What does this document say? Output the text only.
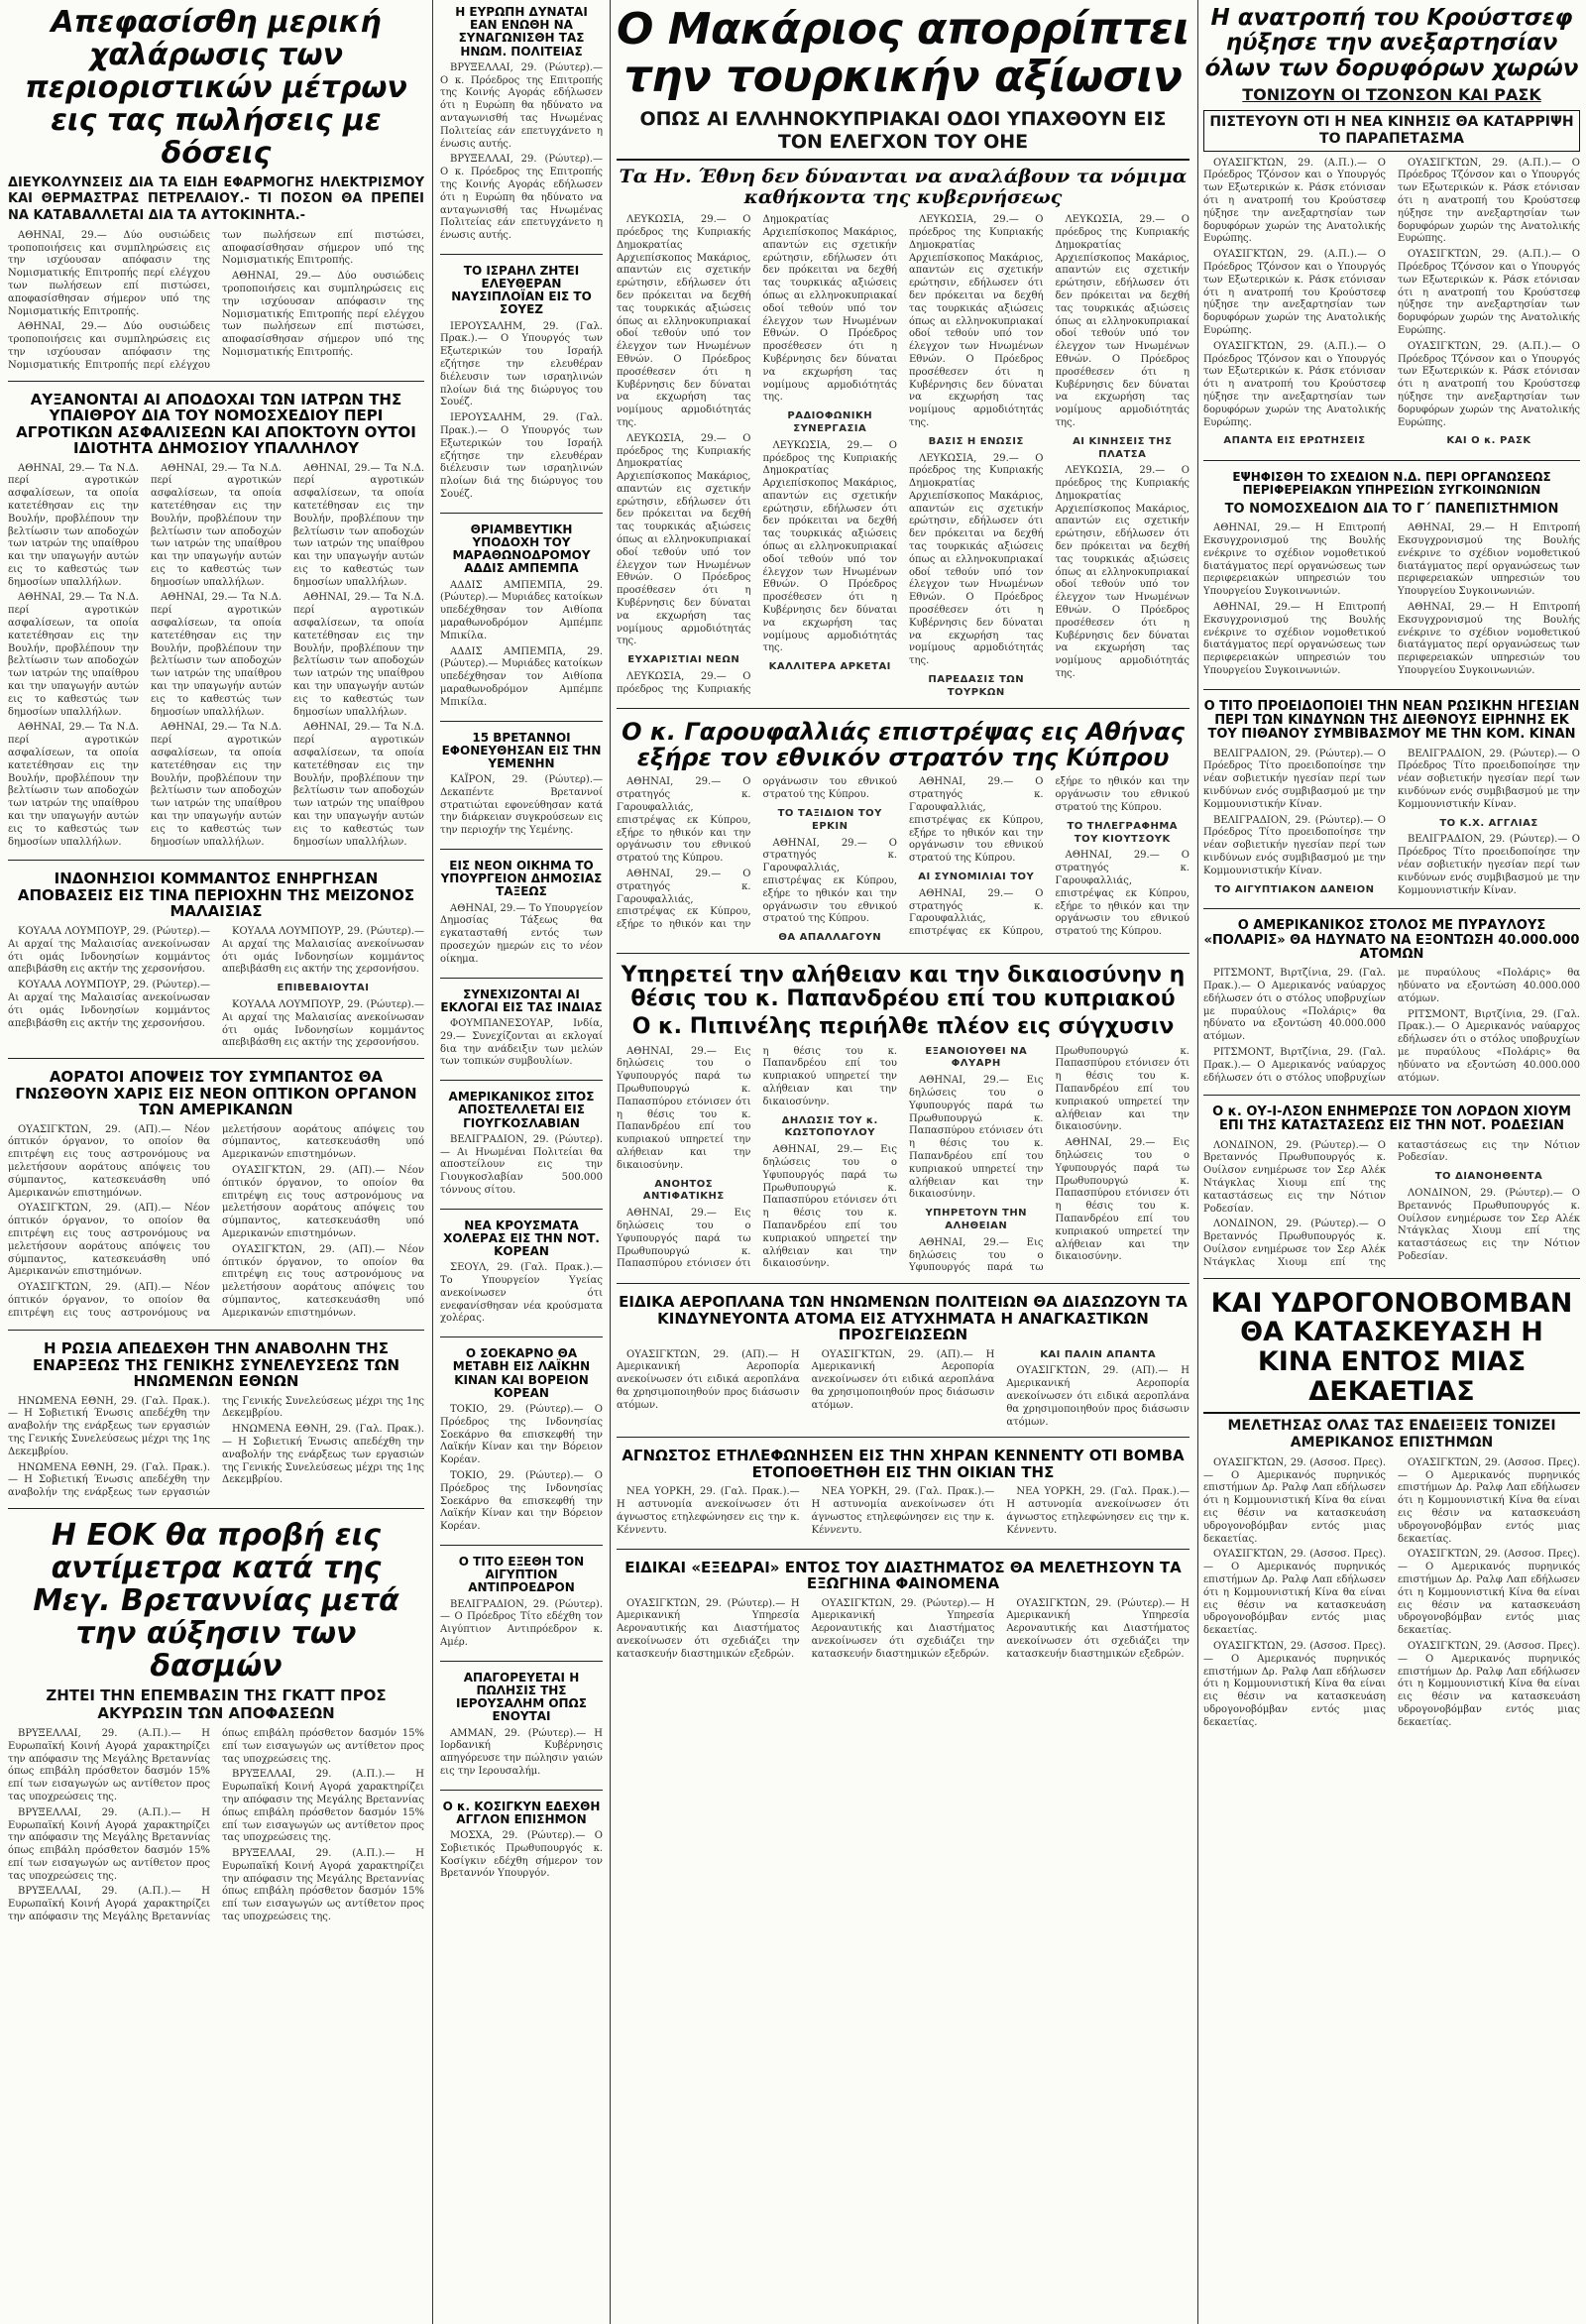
Απεφασίσθη μερική χαλάρωσις των περιοριστικών μέτρων εις τας πωλήσεις με δόσεις
ΔΙΕΥΚΟΛΥΝΣΕΙΣ ΔΙΑ ΤΑ ΕΙΔΗ ΕΦΑΡΜΟΓΗΣ ΗΛΕΚΤΡΙΣΜΟΥ ΚΑΙ ΘΕΡΜΑΣΤΡΑΣ ΠΕΤΡΕΛΑΙΟΥ.- ΤΙ ΠΟΣΟΝ ΘΑ ΠΡΕΠΕΙ ΝΑ ΚΑΤΑΒΑΛΛΕΤΑΙ ΔΙΑ ΤΑ ΑΥΤΟΚΙΝΗΤΑ.-

ΑΘΗΝΑΙ, 29.— Δύο ουσιώδεις τροποποιήσεις και συμπληρώσεις εις την ισχύουσαν απόφασιν της Νομισματικής Επιτροπής περί ελέγχου των πωλήσεων επί πιστώσει, αποφασίσθησαν σήμερον υπό της Νομισματικής Επιτροπής.

ΑΘΗΝΑΙ, 29.— Δύο ουσιώδεις τροποποιήσεις και συμπληρώσεις εις την ισχύουσαν απόφασιν της Νομισματικής Επιτροπής περί ελέγχου των πωλήσεων επί πιστώσει, αποφασίσθησαν σήμερον υπό της Νομισματικής Επιτροπής.

ΑΘΗΝΑΙ, 29.— Δύο ουσιώδεις τροποποιήσεις και συμπληρώσεις εις την ισχύουσαν απόφασιν της Νομισματικής Επιτροπής περί ελέγχου των πωλήσεων επί πιστώσει, αποφασίσθησαν σήμερον υπό της Νομισματικής Επιτροπής.

ΑΥΞΑΝΟΝΤΑΙ ΑΙ ΑΠΟΔΟΧΑΙ ΤΩΝ ΙΑΤΡΩΝ ΤΗΣ ΥΠΑΙΘΡΟΥ ΔΙΑ ΤΟΥ ΝΟΜΟΣΧΕΔΙΟΥ ΠΕΡΙ ΑΓΡΟΤΙΚΩΝ ΑΣΦΑΛΙΣΕΩΝ ΚΑΙ ΑΠΟΚΤΟΥΝ ΟΥΤΟΙ ΙΔΙΟΤΗΤΑ ΔΗΜΟΣΙΟΥ ΥΠΑΛΛΗΛΟΥ

ΑΘΗΝΑΙ, 29.— Τα Ν.Δ. περί αγροτικών ασφαλίσεων, τα οποία κατετέθησαν εις την Βουλήν, προβλέπουν την βελτίωσιν των αποδοχών των ιατρών της υπαίθρου και την υπαγωγήν αυτών εις το καθεστώς των δημοσίων υπαλλήλων.

ΑΘΗΝΑΙ, 29.— Τα Ν.Δ. περί αγροτικών ασφαλίσεων, τα οποία κατετέθησαν εις την Βουλήν, προβλέπουν την βελτίωσιν των αποδοχών των ιατρών της υπαίθρου και την υπαγωγήν αυτών εις το καθεστώς των δημοσίων υπαλλήλων.

ΑΘΗΝΑΙ, 29.— Τα Ν.Δ. περί αγροτικών ασφαλίσεων, τα οποία κατετέθησαν εις την Βουλήν, προβλέπουν την βελτίωσιν των αποδοχών των ιατρών της υπαίθρου και την υπαγωγήν αυτών εις το καθεστώς των δημοσίων υπαλλήλων.

ΑΘΗΝΑΙ, 29.— Τα Ν.Δ. περί αγροτικών ασφαλίσεων, τα οποία κατετέθησαν εις την Βουλήν, προβλέπουν την βελτίωσιν των αποδοχών των ιατρών της υπαίθρου και την υπαγωγήν αυτών εις το καθεστώς των δημοσίων υπαλλήλων.

ΑΘΗΝΑΙ, 29.— Τα Ν.Δ. περί αγροτικών ασφαλίσεων, τα οποία κατετέθησαν εις την Βουλήν, προβλέπουν την βελτίωσιν των αποδοχών των ιατρών της υπαίθρου και την υπαγωγήν αυτών εις το καθεστώς των δημοσίων υπαλλήλων.

ΑΘΗΝΑΙ, 29.— Τα Ν.Δ. περί αγροτικών ασφαλίσεων, τα οποία κατετέθησαν εις την Βουλήν, προβλέπουν την βελτίωσιν των αποδοχών των ιατρών της υπαίθρου και την υπαγωγήν αυτών εις το καθεστώς των δημοσίων υπαλλήλων.

ΑΘΗΝΑΙ, 29.— Τα Ν.Δ. περί αγροτικών ασφαλίσεων, τα οποία κατετέθησαν εις την Βουλήν, προβλέπουν την βελτίωσιν των αποδοχών των ιατρών της υπαίθρου και την υπαγωγήν αυτών εις το καθεστώς των δημοσίων υπαλλήλων.

ΑΘΗΝΑΙ, 29.— Τα Ν.Δ. περί αγροτικών ασφαλίσεων, τα οποία κατετέθησαν εις την Βουλήν, προβλέπουν την βελτίωσιν των αποδοχών των ιατρών της υπαίθρου και την υπαγωγήν αυτών εις το καθεστώς των δημοσίων υπαλλήλων.

ΑΘΗΝΑΙ, 29.— Τα Ν.Δ. περί αγροτικών ασφαλίσεων, τα οποία κατετέθησαν εις την Βουλήν, προβλέπουν την βελτίωσιν των αποδοχών των ιατρών της υπαίθρου και την υπαγωγήν αυτών εις το καθεστώς των δημοσίων υπαλλήλων.

ΙΝΔΟΝΗΣΙΟΙ ΚΟΜΜΑΝΤΟΣ ΕΝΗΡΓΗΣΑΝ ΑΠΟΒΑΣΕΙΣ ΕΙΣ ΤΙΝΑ ΠΕΡΙΟΧΗΝ ΤΗΣ ΜΕΙΖΟΝΟΣ ΜΑΛΑΙΣΙΑΣ

ΚΟΥΑΛΑ ΛΟΥΜΠΟΥΡ, 29. (Ρώυτερ).— Αι αρχαί της Μαλαισίας ανεκοίνωσαν ότι ομάς Ινδονησίων κομμάντος απεβιβάσθη εις ακτήν της χερσονήσου.

ΚΟΥΑΛΑ ΛΟΥΜΠΟΥΡ, 29. (Ρώυτερ).— Αι αρχαί της Μαλαισίας ανεκοίνωσαν ότι ομάς Ινδονησίων κομμάντος απεβιβάσθη εις ακτήν της χερσονήσου.

ΚΟΥΑΛΑ ΛΟΥΜΠΟΥΡ, 29. (Ρώυτερ).— Αι αρχαί της Μαλαισίας ανεκοίνωσαν ότι ομάς Ινδονησίων κομμάντος απεβιβάσθη εις ακτήν της χερσονήσου.

ΕΠΙΒΕΒΑΙΟΥΤΑΙ

ΚΟΥΑΛΑ ΛΟΥΜΠΟΥΡ, 29. (Ρώυτερ).— Αι αρχαί της Μαλαισίας ανεκοίνωσαν ότι ομάς Ινδονησίων κομμάντος απεβιβάσθη εις ακτήν της χερσονήσου.

ΑΟΡΑΤΟΙ ΑΠΟΨΕΙΣ ΤΟΥ ΣΥΜΠΑΝΤΟΣ ΘΑ ΓΝΩΣΘΟΥΝ ΧΑΡΙΣ ΕΙΣ ΝΕΟΝ ΟΠΤΙΚΟΝ ΟΡΓΑΝΟΝ ΤΩΝ ΑΜΕΡΙΚΑΝΩΝ

ΟΥΑΣΙΓΚΤΩΝ, 29. (ΑΠ).— Νέον όπτικόν όργανον, το οποίον θα επιτρέψη εις τους αστρονόμους να μελετήσουν αοράτους απόψεις του σύμπαντος, κατεσκευάσθη υπό Αμερικανών επιστημόνων.

ΟΥΑΣΙΓΚΤΩΝ, 29. (ΑΠ).— Νέον όπτικόν όργανον, το οποίον θα επιτρέψη εις τους αστρονόμους να μελετήσουν αοράτους απόψεις του σύμπαντος, κατεσκευάσθη υπό Αμερικανών επιστημόνων.

ΟΥΑΣΙΓΚΤΩΝ, 29. (ΑΠ).— Νέον όπτικόν όργανον, το οποίον θα επιτρέψη εις τους αστρονόμους να μελετήσουν αοράτους απόψεις του σύμπαντος, κατεσκευάσθη υπό Αμερικανών επιστημόνων.

ΟΥΑΣΙΓΚΤΩΝ, 29. (ΑΠ).— Νέον όπτικόν όργανον, το οποίον θα επιτρέψη εις τους αστρονόμους να μελετήσουν αοράτους απόψεις του σύμπαντος, κατεσκευάσθη υπό Αμερικανών επιστημόνων.

ΟΥΑΣΙΓΚΤΩΝ, 29. (ΑΠ).— Νέον όπτικόν όργανον, το οποίον θα επιτρέψη εις τους αστρονόμους να μελετήσουν αοράτους απόψεις του σύμπαντος, κατεσκευάσθη υπό Αμερικανών επιστημόνων.

Η ΡΩΣΙΑ ΑΠΕΔΕΧΘΗ ΤΗΝ ΑΝΑΒΟΛΗΝ ΤΗΣ ΕΝΑΡΞΕΩΣ ΤΗΣ ΓΕΝΙΚΗΣ ΣΥΝΕΛΕΥΣΕΩΣ ΤΩΝ ΗΝΩΜΕΝΩΝ ΕΘΝΩΝ

ΗΝΩΜΕΝΑ ΕΘΝΗ, 29. (Γαλ. Πρακ.).— Η Σοβιετική Ένωσις απεδέχθη την αναβολήν της ενάρξεως των εργασιών της Γενικής Συνελεύσεως μέχρι της 1ης Δεκεμβρίου.

ΗΝΩΜΕΝΑ ΕΘΝΗ, 29. (Γαλ. Πρακ.).— Η Σοβιετική Ένωσις απεδέχθη την αναβολήν της ενάρξεως των εργασιών της Γενικής Συνελεύσεως μέχρι της 1ης Δεκεμβρίου.

ΗΝΩΜΕΝΑ ΕΘΝΗ, 29. (Γαλ. Πρακ.).— Η Σοβιετική Ένωσις απεδέχθη την αναβολήν της ενάρξεως των εργασιών της Γενικής Συνελεύσεως μέχρι της 1ης Δεκεμβρίου.

Η ΕΟΚ θα προβή εις αντίμετρα κατά της Μεγ. Βρεταννίας μετά την αύξησιν των δασμών
ΖΗΤΕΙ ΤΗΝ ΕΠΕΜΒΑΣΙΝ ΤΗΣ ΓΚΑΤΤ ΠΡΟΣ ΑΚΥΡΩΣΙΝ ΤΩΝ ΑΠΟΦΑΣΕΩΝ

ΒΡΥΞΕΛΛΑΙ, 29. (Α.Π.).— Η Ευρωπαϊκή Κοινή Αγορά χαρακτηρίζει την απόφασιν της Μεγάλης Βρεταννίας όπως επιβάλη πρόσθετον δασμόν 15% επί των εισαγωγών ως αντίθετον προς τας υποχρεώσεις της.

ΒΡΥΞΕΛΛΑΙ, 29. (Α.Π.).— Η Ευρωπαϊκή Κοινή Αγορά χαρακτηρίζει την απόφασιν της Μεγάλης Βρεταννίας όπως επιβάλη πρόσθετον δασμόν 15% επί των εισαγωγών ως αντίθετον προς τας υποχρεώσεις της.

ΒΡΥΞΕΛΛΑΙ, 29. (Α.Π.).— Η Ευρωπαϊκή Κοινή Αγορά χαρακτηρίζει την απόφασιν της Μεγάλης Βρεταννίας όπως επιβάλη πρόσθετον δασμόν 15% επί των εισαγωγών ως αντίθετον προς τας υποχρεώσεις της.

ΒΡΥΞΕΛΛΑΙ, 29. (Α.Π.).— Η Ευρωπαϊκή Κοινή Αγορά χαρακτηρίζει την απόφασιν της Μεγάλης Βρεταννίας όπως επιβάλη πρόσθετον δασμόν 15% επί των εισαγωγών ως αντίθετον προς τας υποχρεώσεις της.

ΒΡΥΞΕΛΛΑΙ, 29. (Α.Π.).— Η Ευρωπαϊκή Κοινή Αγορά χαρακτηρίζει την απόφασιν της Μεγάλης Βρεταννίας όπως επιβάλη πρόσθετον δασμόν 15% επί των εισαγωγών ως αντίθετον προς τας υποχρεώσεις της.

Η ΕΥΡΩΠΗ ΔΥΝΑΤΑΙ ΕΑΝ ΕΝΩΘΗ ΝΑ ΣΥΝΑΓΩΝΙΣΘΗ ΤΑΣ ΗΝΩΜ. ΠΟΛΙΤΕΙΑΣ

ΒΡΥΞΕΛΛΑΙ, 29. (Ρώυτερ).— Ο κ. Πρόεδρος της Επιτροπής της Κοινής Αγοράς εδήλωσεν ότι η Ευρώπη θα ηδύνατο να ανταγωνισθή τας Ηνωμένας Πολιτείας εάν επετυγχάνετο η ένωσις αυτής.

ΒΡΥΞΕΛΛΑΙ, 29. (Ρώυτερ).— Ο κ. Πρόεδρος της Επιτροπής της Κοινής Αγοράς εδήλωσεν ότι η Ευρώπη θα ηδύνατο να ανταγωνισθή τας Ηνωμένας Πολιτείας εάν επετυγχάνετο η ένωσις αυτής.

ΤΟ ΙΣΡΑΗΛ ΖΗΤΕΙ ΕΛΕΥΘΕΡΑΝ ΝΑΥΣΙΠΛΟΪΑΝ ΕΙΣ ΤΟ ΣΟΥΕΖ

ΙΕΡΟΥΣΑΛΗΜ, 29. (Γαλ. Πρακ.).— Ο Υπουργός των Εξωτερικών του Ισραήλ εζήτησε την ελευθέραν διέλευσιν των ισραηλινών πλοίων διά της διώρυγος του Σουέζ.

ΙΕΡΟΥΣΑΛΗΜ, 29. (Γαλ. Πρακ.).— Ο Υπουργός των Εξωτερικών του Ισραήλ εζήτησε την ελευθέραν διέλευσιν των ισραηλινών πλοίων διά της διώρυγος του Σουέζ.

ΘΡΙΑΜΒΕΥΤΙΚΗ ΥΠΟΔΟΧΗ ΤΟΥ ΜΑΡΑΘΩΝΟΔΡΟΜΟΥ ΑΔΔΙΣ ΑΜΠΕΜΠΑ

ΑΔΔΙΣ ΑΜΠΕΜΠΑ, 29. (Ρώυτερ).— Μυριάδες κατοίκων υπεδέχθησαν τον Αιθίοπα μαραθωνοδρόμον Αμπέμπε Μπικίλα.

ΑΔΔΙΣ ΑΜΠΕΜΠΑ, 29. (Ρώυτερ).— Μυριάδες κατοίκων υπεδέχθησαν τον Αιθίοπα μαραθωνοδρόμον Αμπέμπε Μπικίλα.

15 ΒΡΕΤΑΝΝΟΙ ΕΦΟΝΕΥΘΗΣΑΝ ΕΙΣ ΤΗΝ ΥΕΜΕΝΗΝ

ΚΑΪΡΟΝ, 29. (Ρώυτερ).— Δεκαπέντε Βρεταννοί στρατιώται εφονεύθησαν κατά την διάρκειαν συγκρούσεων εις την περιοχήν της Υεμένης.

ΕΙΣ ΝΕΟΝ ΟΙΚΗΜΑ ΤΟ ΥΠΟΥΡΓΕΙΟΝ ΔΗΜΟΣΙΑΣ ΤΑΞΕΩΣ

ΑΘΗΝΑΙ, 29.— Το Υπουργείον Δημοσίας Τάξεως θα εγκατασταθή εντός των προσεχών ημερών εις το νέον οίκημα.

ΣΥΝΕΧΙΖΟΝΤΑΙ ΑΙ ΕΚΛΟΓΑΙ ΕΙΣ ΤΑΣ ΙΝΔΙΑΣ

ΦΟΥΜΠΑΝΕΣΟΥΑΡ, Ινδία, 29.— Συνεχίζονται αι εκλογαί δια την ανάδειξιν των μελών των τοπικών συμβουλίων.

ΑΜΕΡΙΚΑΝΙΚΟΣ ΣΙΤΟΣ ΑΠΟΣΤΕΛΛΕΤΑΙ ΕΙΣ ΓΙΟΥΓΚΟΣΛΑΒΙΑΝ

ΒΕΛΙΓΡΑΔΙΟΝ, 29. (Ρώυτερ).— Αι Ηνωμέναι Πολιτείαι θα αποστείλουν εις την Γιουγκοσλαβίαν 500.000 τόννους σίτου.

ΝΕΑ ΚΡΟΥΣΜΑΤΑ ΧΟΛΕΡΑΣ ΕΙΣ ΤΗΝ ΝΟΤ. ΚΟΡΕΑΝ

ΣΕΟΥΛ, 29. (Γαλ. Πρακ.).— Το Υπουργείον Υγείας ανεκοίνωσεν ότι ενεφανίσθησαν νέα κρούσματα χολέρας.

Ο ΣΟΕΚΑΡΝΟ ΘΑ ΜΕΤΑΒΗ ΕΙΣ ΛΑΪΚΗΝ ΚΙΝΑΝ ΚΑΙ ΒΟΡΕΙΟΝ ΚΟΡΕΑΝ

ΤΟΚΙΟ, 29. (Ρώυτερ).— Ο Πρόεδρος της Ινδονησίας Σοεκάρνο θα επισκεφθή την Λαϊκήν Κίναν και την Βόρειον Κορέαν.

ΤΟΚΙΟ, 29. (Ρώυτερ).— Ο Πρόεδρος της Ινδονησίας Σοεκάρνο θα επισκεφθή την Λαϊκήν Κίναν και την Βόρειον Κορέαν.

Ο ΤΙΤΟ ΕΞΕΘΗ ΤΟΝ ΑΙΓΥΠΤΙΟΝ ΑΝΤΙΠΡΟΕΔΡΟΝ

ΒΕΛΙΓΡΑΔΙΟΝ, 29. (Ρώυτερ).— Ο Πρόεδρος Τίτο εδέχθη τον Αιγύπτιον Αντιπρόεδρον κ. Αμέρ.

ΑΠΑΓΟΡΕΥΕΤΑΙ Η ΠΩΛΗΣΙΣ ΤΗΣ ΙΕΡΟΥΣΑΛΗΜ ΟΠΩΣ ΕΝΟΥΤΑΙ

ΑΜΜΑΝ, 29. (Ρώυτερ).— Η Ιορδανική Κυβέρνησις απηγόρευσε την πώλησιν γαιών εις την Ιερουσαλήμ.

Ο κ. ΚΟΣΙΓΚΥΝ ΕΔΕΧΘΗ ΑΓΓΛΟΝ ΕΠΙΣΗΜΟΝ

ΜΟΣΧΑ, 29. (Ρώυτερ).— Ο Σοβιετικός Πρωθυπουργός κ. Κοσίγκιν εδέχθη σήμερον τον Βρεταννόν Υπουργόν.

Ο Μακάριος απορρίπτει την τουρκικήν αξίωσιν
ΟΠΩΣ ΑΙ ΕΛΛΗΝΟΚΥΠΡΙΑΚΑΙ ΟΔΟΙ ΥΠΑΧΘΟΥΝ ΕΙΣ ΤΟΝ ΕΛΕΓΧΟΝ ΤΟΥ ΟΗΕ
Τα Ην. Έθνη δεν δύνανται να αναλάβουν τα νόμιμα καθήκοντα της κυβερνήσεως

ΛΕΥΚΩΣΙΑ, 29.— Ο πρόεδρος της Κυπριακής Δημοκρατίας Αρχιεπίσκοπος Μακάριος, απαντών εις σχετικήν ερώτησιν, εδήλωσεν ότι δεν πρόκειται να δεχθή τας τουρκικάς αξιώσεις όπως αι ελληνοκυπριακαί οδοί τεθούν υπό τον έλεγχον των Ηνωμένων Εθνών. Ο Πρόεδρος προσέθεσεν ότι η Κυβέρνησις δεν δύναται να εκχωρήση τας νομίμους αρμοδιότητάς της.

ΛΕΥΚΩΣΙΑ, 29.— Ο πρόεδρος της Κυπριακής Δημοκρατίας Αρχιεπίσκοπος Μακάριος, απαντών εις σχετικήν ερώτησιν, εδήλωσεν ότι δεν πρόκειται να δεχθή τας τουρκικάς αξιώσεις όπως αι ελληνοκυπριακαί οδοί τεθούν υπό τον έλεγχον των Ηνωμένων Εθνών. Ο Πρόεδρος προσέθεσεν ότι η Κυβέρνησις δεν δύναται να εκχωρήση τας νομίμους αρμοδιότητάς της.

ΕΥΧΑΡΙΣΤΙΑΙ ΝΕΩΝ

ΛΕΥΚΩΣΙΑ, 29.— Ο πρόεδρος της Κυπριακής Δημοκρατίας Αρχιεπίσκοπος Μακάριος, απαντών εις σχετικήν ερώτησιν, εδήλωσεν ότι δεν πρόκειται να δεχθή τας τουρκικάς αξιώσεις όπως αι ελληνοκυπριακαί οδοί τεθούν υπό τον έλεγχον των Ηνωμένων Εθνών. Ο Πρόεδρος προσέθεσεν ότι η Κυβέρνησις δεν δύναται να εκχωρήση τας νομίμους αρμοδιότητάς της.

ΡΑΔΙΟΦΩΝΙΚΗ ΣΥΝΕΡΓΑΣΙΑ

ΛΕΥΚΩΣΙΑ, 29.— Ο πρόεδρος της Κυπριακής Δημοκρατίας Αρχιεπίσκοπος Μακάριος, απαντών εις σχετικήν ερώτησιν, εδήλωσεν ότι δεν πρόκειται να δεχθή τας τουρκικάς αξιώσεις όπως αι ελληνοκυπριακαί οδοί τεθούν υπό τον έλεγχον των Ηνωμένων Εθνών. Ο Πρόεδρος προσέθεσεν ότι η Κυβέρνησις δεν δύναται να εκχωρήση τας νομίμους αρμοδιότητάς της.

ΚΑΛΛΙΤΕΡΑ ΑΡΚΕΤΑΙ

ΛΕΥΚΩΣΙΑ, 29.— Ο πρόεδρος της Κυπριακής Δημοκρατίας Αρχιεπίσκοπος Μακάριος, απαντών εις σχετικήν ερώτησιν, εδήλωσεν ότι δεν πρόκειται να δεχθή τας τουρκικάς αξιώσεις όπως αι ελληνοκυπριακαί οδοί τεθούν υπό τον έλεγχον των Ηνωμένων Εθνών. Ο Πρόεδρος προσέθεσεν ότι η Κυβέρνησις δεν δύναται να εκχωρήση τας νομίμους αρμοδιότητάς της.

ΒΑΣΙΣ Η ΕΝΩΣΙΣ

ΛΕΥΚΩΣΙΑ, 29.— Ο πρόεδρος της Κυπριακής Δημοκρατίας Αρχιεπίσκοπος Μακάριος, απαντών εις σχετικήν ερώτησιν, εδήλωσεν ότι δεν πρόκειται να δεχθή τας τουρκικάς αξιώσεις όπως αι ελληνοκυπριακαί οδοί τεθούν υπό τον έλεγχον των Ηνωμένων Εθνών. Ο Πρόεδρος προσέθεσεν ότι η Κυβέρνησις δεν δύναται να εκχωρήση τας νομίμους αρμοδιότητάς της.

ΠΑΡΕΔΑΣΙΣ ΤΩΝ ΤΟΥΡΚΩΝ

ΛΕΥΚΩΣΙΑ, 29.— Ο πρόεδρος της Κυπριακής Δημοκρατίας Αρχιεπίσκοπος Μακάριος, απαντών εις σχετικήν ερώτησιν, εδήλωσεν ότι δεν πρόκειται να δεχθή τας τουρκικάς αξιώσεις όπως αι ελληνοκυπριακαί οδοί τεθούν υπό τον έλεγχον των Ηνωμένων Εθνών. Ο Πρόεδρος προσέθεσεν ότι η Κυβέρνησις δεν δύναται να εκχωρήση τας νομίμους αρμοδιότητάς της.

ΑΙ ΚΙΝΗΣΕΙΣ ΤΗΣ ΠΛΑΤΣΑ

ΛΕΥΚΩΣΙΑ, 29.— Ο πρόεδρος της Κυπριακής Δημοκρατίας Αρχιεπίσκοπος Μακάριος, απαντών εις σχετικήν ερώτησιν, εδήλωσεν ότι δεν πρόκειται να δεχθή τας τουρκικάς αξιώσεις όπως αι ελληνοκυπριακαί οδοί τεθούν υπό τον έλεγχον των Ηνωμένων Εθνών. Ο Πρόεδρος προσέθεσεν ότι η Κυβέρνησις δεν δύναται να εκχωρήση τας νομίμους αρμοδιότητάς της.

Ο κ. Γαρουφαλλιάς επιστρέψας εις Αθήνας εξήρε τον εθνικόν στρατόν της Κύπρου

ΑΘΗΝΑΙ, 29.— Ο στρατηγός κ. Γαρουφαλλιάς, επιστρέψας εκ Κύπρου, εξήρε το ηθικόν και την οργάνωσιν του εθνικού στρατού της Κύπρου.

ΑΘΗΝΑΙ, 29.— Ο στρατηγός κ. Γαρουφαλλιάς, επιστρέψας εκ Κύπρου, εξήρε το ηθικόν και την οργάνωσιν του εθνικού στρατού της Κύπρου.

ΤΟ ΤΑΞΙΔΙΟΝ ΤΟΥ ΕΡΚΙΝ

ΑΘΗΝΑΙ, 29.— Ο στρατηγός κ. Γαρουφαλλιάς, επιστρέψας εκ Κύπρου, εξήρε το ηθικόν και την οργάνωσιν του εθνικού στρατού της Κύπρου.

ΘΑ ΑΠΑΛΛΑΓΟΥΝ

ΑΘΗΝΑΙ, 29.— Ο στρατηγός κ. Γαρουφαλλιάς, επιστρέψας εκ Κύπρου, εξήρε το ηθικόν και την οργάνωσιν του εθνικού στρατού της Κύπρου.

ΑΙ ΣΥΝΟΜΙΛΙΑΙ ΤΟΥ

ΑΘΗΝΑΙ, 29.— Ο στρατηγός κ. Γαρουφαλλιάς, επιστρέψας εκ Κύπρου, εξήρε το ηθικόν και την οργάνωσιν του εθνικού στρατού της Κύπρου.

ΤΟ ΤΗΛΕΓΡΑΦΗΜΑ ΤΟΥ ΚΙΟΥΤΣΟΥΚ

ΑΘΗΝΑΙ, 29.— Ο στρατηγός κ. Γαρουφαλλιάς, επιστρέψας εκ Κύπρου, εξήρε το ηθικόν και την οργάνωσιν του εθνικού στρατού της Κύπρου.

Υπηρετεί την αλήθειαν και την δικαιοσύνην η θέσις του κ. Παπανδρέου επί του κυπριακού
Ο κ. Πιπινέλης περιήλθε πλέον εις σύγχυσιν

ΑΘΗΝΑΙ, 29.— Εις δηλώσεις του ο Υφυπουργός παρά τω Πρωθυπουργώ κ. Παπασπύρου ετόνισεν ότι η θέσις του κ. Παπανδρέου επί του κυπριακού υπηρετεί την αλήθειαν και την δικαιοσύνην.

ΑΝΟΗΤΟΣ ΑΝΤΙΦΑΤΙΚΗΣ

ΑΘΗΝΑΙ, 29.— Εις δηλώσεις του ο Υφυπουργός παρά τω Πρωθυπουργώ κ. Παπασπύρου ετόνισεν ότι η θέσις του κ. Παπανδρέου επί του κυπριακού υπηρετεί την αλήθειαν και την δικαιοσύνην.

ΔΗΛΩΣΙΣ ΤΟΥ κ. ΚΩΣΤΟΠΟΥΛΟΥ

ΑΘΗΝΑΙ, 29.— Εις δηλώσεις του ο Υφυπουργός παρά τω Πρωθυπουργώ κ. Παπασπύρου ετόνισεν ότι η θέσις του κ. Παπανδρέου επί του κυπριακού υπηρετεί την αλήθειαν και την δικαιοσύνην.

ΕΞΑΝΟΙΟΥΘΕΙ ΝΑ ΦΛΥΑΡΗ

ΑΘΗΝΑΙ, 29.— Εις δηλώσεις του ο Υφυπουργός παρά τω Πρωθυπουργώ κ. Παπασπύρου ετόνισεν ότι η θέσις του κ. Παπανδρέου επί του κυπριακού υπηρετεί την αλήθειαν και την δικαιοσύνην.

ΥΠΗΡΕΤΟΥΝ ΤΗΝ ΑΛΗΘΕΙΑΝ

ΑΘΗΝΑΙ, 29.— Εις δηλώσεις του ο Υφυπουργός παρά τω Πρωθυπουργώ κ. Παπασπύρου ετόνισεν ότι η θέσις του κ. Παπανδρέου επί του κυπριακού υπηρετεί την αλήθειαν και την δικαιοσύνην.

ΑΘΗΝΑΙ, 29.— Εις δηλώσεις του ο Υφυπουργός παρά τω Πρωθυπουργώ κ. Παπασπύρου ετόνισεν ότι η θέσις του κ. Παπανδρέου επί του κυπριακού υπηρετεί την αλήθειαν και την δικαιοσύνην.

ΕΙΔΙΚΑ ΑΕΡΟΠΛΑΝΑ ΤΩΝ ΗΝΩΜΕΝΩΝ ΠΟΛΙΤΕΙΩΝ ΘΑ ΔΙΑΣΩΖΟΥΝ ΤΑ ΚΙΝΔΥΝΕΥΟΝΤΑ ΑΤΟΜΑ ΕΙΣ ΑΤΥΧΗΜΑΤΑ Η ΑΝΑΓΚΑΣΤΙΚΩΝ ΠΡΟΣΓΕΙΩΣΕΩΝ

ΟΥΑΣΙΓΚΤΩΝ, 29. (ΑΠ).— Η Αμερικανική Αεροπορία ανεκοίνωσεν ότι ειδικά αεροπλάνα θα χρησιμοποιηθούν προς διάσωσιν ατόμων.

ΟΥΑΣΙΓΚΤΩΝ, 29. (ΑΠ).— Η Αμερικανική Αεροπορία ανεκοίνωσεν ότι ειδικά αεροπλάνα θα χρησιμοποιηθούν προς διάσωσιν ατόμων.

ΚΑΙ ΠΑΛΙΝ ΑΠΑΝΤΑ

ΟΥΑΣΙΓΚΤΩΝ, 29. (ΑΠ).— Η Αμερικανική Αεροπορία ανεκοίνωσεν ότι ειδικά αεροπλάνα θα χρησιμοποιηθούν προς διάσωσιν ατόμων.

ΑΓΝΩΣΤΟΣ ΕΤΗΛΕΦΩΝΗΣΕΝ ΕΙΣ ΤΗΝ ΧΗΡΑΝ ΚΕΝΝΕΝΤΥ ΟΤΙ ΒΟΜΒΑ ΕΤΟΠΟΘΕΤΗΘΗ ΕΙΣ ΤΗΝ ΟΙΚΙΑΝ ΤΗΣ

ΝΕΑ ΥΟΡΚΗ, 29. (Γαλ. Πρακ.).— Η αστυνομία ανεκοίνωσεν ότι άγνωστος ετηλεφώνησεν εις την κ. Κέννεντυ.

ΝΕΑ ΥΟΡΚΗ, 29. (Γαλ. Πρακ.).— Η αστυνομία ανεκοίνωσεν ότι άγνωστος ετηλεφώνησεν εις την κ. Κέννεντυ.

ΝΕΑ ΥΟΡΚΗ, 29. (Γαλ. Πρακ.).— Η αστυνομία ανεκοίνωσεν ότι άγνωστος ετηλεφώνησεν εις την κ. Κέννεντυ.

ΕΙΔΙΚΑΙ «ΕΞΕΔΡΑΙ» ΕΝΤΟΣ ΤΟΥ ΔΙΑΣΤΗΜΑΤΟΣ ΘΑ ΜΕΛΕΤΗΣΟΥΝ ΤΑ ΕΞΩΓΗΙΝΑ ΦΑΙΝΟΜΕΝΑ

ΟΥΑΣΙΓΚΤΩΝ, 29. (Ρώυτερ).— Η Αμερικανική Υπηρεσία Αεροναυτικής και Διαστήματος ανεκοίνωσεν ότι σχεδιάζει την κατασκευήν διαστημικών εξεδρών.

ΟΥΑΣΙΓΚΤΩΝ, 29. (Ρώυτερ).— Η Αμερικανική Υπηρεσία Αεροναυτικής και Διαστήματος ανεκοίνωσεν ότι σχεδιάζει την κατασκευήν διαστημικών εξεδρών.

ΟΥΑΣΙΓΚΤΩΝ, 29. (Ρώυτερ).— Η Αμερικανική Υπηρεσία Αεροναυτικής και Διαστήματος ανεκοίνωσεν ότι σχεδιάζει την κατασκευήν διαστημικών εξεδρών.

Η ανατροπή του Κρούστσεφ ηύξησε την ανεξαρτησίαν όλων των δορυφόρων χωρών
ΤΟΝΙΖΟΥΝ ΟΙ ΤΖΟΝΣΟΝ ΚΑΙ ΡΑΣΚ
ΠΙΣΤΕΥΟΥΝ ΟΤΙ Η ΝΕΑ ΚΙΝΗΣΙΣ ΘΑ ΚΑΤΑΡΡΙΨΗ ΤΟ ΠΑΡΑΠΕΤΑΣΜΑ

ΟΥΑΣΙΓΚΤΩΝ, 29. (Α.Π.).— Ο Πρόεδρος Τζόνσον και ο Υπουργός των Εξωτερικών κ. Ράσκ ετόνισαν ότι η ανατροπή του Κρούστσεφ ηύξησε την ανεξαρτησίαν των δορυφόρων χωρών της Ανατολικής Ευρώπης.

ΟΥΑΣΙΓΚΤΩΝ, 29. (Α.Π.).— Ο Πρόεδρος Τζόνσον και ο Υπουργός των Εξωτερικών κ. Ράσκ ετόνισαν ότι η ανατροπή του Κρούστσεφ ηύξησε την ανεξαρτησίαν των δορυφόρων χωρών της Ανατολικής Ευρώπης.

ΟΥΑΣΙΓΚΤΩΝ, 29. (Α.Π.).— Ο Πρόεδρος Τζόνσον και ο Υπουργός των Εξωτερικών κ. Ράσκ ετόνισαν ότι η ανατροπή του Κρούστσεφ ηύξησε την ανεξαρτησίαν των δορυφόρων χωρών της Ανατολικής Ευρώπης.

ΑΠΑΝΤΑ ΕΙΣ ΕΡΩΤΗΣΕΙΣ

ΟΥΑΣΙΓΚΤΩΝ, 29. (Α.Π.).— Ο Πρόεδρος Τζόνσον και ο Υπουργός των Εξωτερικών κ. Ράσκ ετόνισαν ότι η ανατροπή του Κρούστσεφ ηύξησε την ανεξαρτησίαν των δορυφόρων χωρών της Ανατολικής Ευρώπης.

ΟΥΑΣΙΓΚΤΩΝ, 29. (Α.Π.).— Ο Πρόεδρος Τζόνσον και ο Υπουργός των Εξωτερικών κ. Ράσκ ετόνισαν ότι η ανατροπή του Κρούστσεφ ηύξησε την ανεξαρτησίαν των δορυφόρων χωρών της Ανατολικής Ευρώπης.

ΟΥΑΣΙΓΚΤΩΝ, 29. (Α.Π.).— Ο Πρόεδρος Τζόνσον και ο Υπουργός των Εξωτερικών κ. Ράσκ ετόνισαν ότι η ανατροπή του Κρούστσεφ ηύξησε την ανεξαρτησίαν των δορυφόρων χωρών της Ανατολικής Ευρώπης.

ΚΑΙ Ο κ. ΡΑΣΚ
ΕΨΗΦΙΣΘΗ ΤΟ ΣΧΕΔΙΟΝ Ν.Δ. ΠΕΡΙ ΟΡΓΑΝΩΣΕΩΣ ΠΕΡΙΦΕΡΕΙΑΚΩΝ ΥΠΗΡΕΣΙΩΝ ΣΥΓΚΟΙΝΩΝΙΩΝ
ΤΟ ΝΟΜΟΣΧΕΔΙΟΝ ΔΙΑ ΤΟ Γ΄ ΠΑΝΕΠΙΣΤΗΜΙΟΝ

ΑΘΗΝΑΙ, 29.— Η Επιτροπή Εκσυγχρονισμού της Βουλής ενέκρινε το σχέδιον νομοθετικού διατάγματος περί οργανώσεως των περιφερειακών υπηρεσιών του Υπουργείου Συγκοινωνιών.

ΑΘΗΝΑΙ, 29.— Η Επιτροπή Εκσυγχρονισμού της Βουλής ενέκρινε το σχέδιον νομοθετικού διατάγματος περί οργανώσεως των περιφερειακών υπηρεσιών του Υπουργείου Συγκοινωνιών.

ΑΘΗΝΑΙ, 29.— Η Επιτροπή Εκσυγχρονισμού της Βουλής ενέκρινε το σχέδιον νομοθετικού διατάγματος περί οργανώσεως των περιφερειακών υπηρεσιών του Υπουργείου Συγκοινωνιών.

ΑΘΗΝΑΙ, 29.— Η Επιτροπή Εκσυγχρονισμού της Βουλής ενέκρινε το σχέδιον νομοθετικού διατάγματος περί οργανώσεως των περιφερειακών υπηρεσιών του Υπουργείου Συγκοινωνιών.

Ο ΤΙΤΟ ΠΡΟΕΙΔΟΠΟΙΕΙ ΤΗΝ ΝΕΑΝ ΡΩΣΙΚΗΝ ΗΓΕΣΙΑΝ ΠΕΡΙ ΤΩΝ ΚΙΝΔΥΝΩΝ ΤΗΣ ΔΙΕΘΝΟΥΣ ΕΙΡΗΝΗΣ ΕΚ ΤΟΥ ΠΙΘΑΝΟΥ ΣΥΜΒΙΒΑΣΜΟΥ ΜΕ ΤΗΝ ΚΟΜ. ΚΙΝΑΝ

ΒΕΛΙΓΡΑΔΙΟΝ, 29. (Ρώυτερ).— Ο Πρόεδρος Τίτο προειδοποίησε την νέαν σοβιετικήν ηγεσίαν περί των κινδύνων ενός συμβιβασμού με την Κομμουνιστικήν Κίναν.

ΒΕΛΙΓΡΑΔΙΟΝ, 29. (Ρώυτερ).— Ο Πρόεδρος Τίτο προειδοποίησε την νέαν σοβιετικήν ηγεσίαν περί των κινδύνων ενός συμβιβασμού με την Κομμουνιστικήν Κίναν.

ΤΟ ΑΙΓΥΠΤΙΑΚΟΝ ΔΑΝΕΙΟΝ

ΒΕΛΙΓΡΑΔΙΟΝ, 29. (Ρώυτερ).— Ο Πρόεδρος Τίτο προειδοποίησε την νέαν σοβιετικήν ηγεσίαν περί των κινδύνων ενός συμβιβασμού με την Κομμουνιστικήν Κίναν.

ΤΟ Κ.Χ. ΑΓΓΛΙΑΣ

ΒΕΛΙΓΡΑΔΙΟΝ, 29. (Ρώυτερ).— Ο Πρόεδρος Τίτο προειδοποίησε την νέαν σοβιετικήν ηγεσίαν περί των κινδύνων ενός συμβιβασμού με την Κομμουνιστικήν Κίναν.

Ο ΑΜΕΡΙΚΑΝΙΚΟΣ ΣΤΟΛΟΣ ΜΕ ΠΥΡΑΥΛΟΥΣ «ΠΟΛΑΡΙΣ» ΘΑ ΗΔΥΝΑΤΟ ΝΑ ΕΞΟΝΤΩΣΗ 40.000.000 ΑΤΟΜΩΝ

ΡΙΤΣΜΟΝΤ, Βιρτζίνια, 29. (Γαλ. Πρακ.).— Ο Αμερικανός ναύαρχος εδήλωσεν ότι ο στόλος υποβρυχίων με πυραύλους «Πολάρις» θα ηδύνατο να εξοντώση 40.000.000 ατόμων.

ΡΙΤΣΜΟΝΤ, Βιρτζίνια, 29. (Γαλ. Πρακ.).— Ο Αμερικανός ναύαρχος εδήλωσεν ότι ο στόλος υποβρυχίων με πυραύλους «Πολάρις» θα ηδύνατο να εξοντώση 40.000.000 ατόμων.

ΡΙΤΣΜΟΝΤ, Βιρτζίνια, 29. (Γαλ. Πρακ.).— Ο Αμερικανός ναύαρχος εδήλωσεν ότι ο στόλος υποβρυχίων με πυραύλους «Πολάρις» θα ηδύνατο να εξοντώση 40.000.000 ατόμων.

Ο κ. ΟΥ-Ι-ΛΣΟΝ ΕΝΗΜΕΡΩΣΕ ΤΟΝ ΛΟΡΔΟΝ ΧΙΟΥΜ ΕΠΙ ΤΗΣ ΚΑΤΑΣΤΑΣΕΩΣ ΕΙΣ ΤΗΝ ΝΟΤ. ΡΟΔΕΣΙΑΝ

ΛΟΝΔΙΝΟΝ, 29. (Ρώυτερ).— Ο Βρεταννός Πρωθυπουργός κ. Ουίλσον ενημέρωσε τον Σερ Αλέκ Ντάγκλας Χιουμ επί της καταστάσεως εις την Νότιον Ροδεσίαν.

ΛΟΝΔΙΝΟΝ, 29. (Ρώυτερ).— Ο Βρεταννός Πρωθυπουργός κ. Ουίλσον ενημέρωσε τον Σερ Αλέκ Ντάγκλας Χιουμ επί της καταστάσεως εις την Νότιον Ροδεσίαν.

ΤΟ ΔΙΑΝΟΗΘΕΝΤΑ

ΛΟΝΔΙΝΟΝ, 29. (Ρώυτερ).— Ο Βρεταννός Πρωθυπουργός κ. Ουίλσον ενημέρωσε τον Σερ Αλέκ Ντάγκλας Χιουμ επί της καταστάσεως εις την Νότιον Ροδεσίαν.

ΚΑΙ ΥΔΡΟΓΟΝΟΒΟΜΒΑΝ ΘΑ ΚΑΤΑΣΚΕΥΑΣΗ Η ΚΙΝΑ ΕΝΤΟΣ ΜΙΑΣ ΔΕΚΑΕΤΙΑΣ
ΜΕΛΕΤΗΣΑΣ ΟΛΑΣ ΤΑΣ ΕΝΔΕΙΞΕΙΣ ΤΟΝΙΖΕΙ ΑΜΕΡΙΚΑΝΟΣ ΕΠΙΣΤΗΜΩΝ

ΟΥΑΣΙΓΚΤΩΝ, 29. (Ασσοσ. Πρες).— Ο Αμερικανός πυρηνικός επιστήμων Δρ. Ραλφ Λαπ εδήλωσεν ότι η Κομμουνιστική Κίνα θα είναι εις θέσιν να κατασκευάση υδρογονοβόμβαν εντός μιας δεκαετίας.

ΟΥΑΣΙΓΚΤΩΝ, 29. (Ασσοσ. Πρες).— Ο Αμερικανός πυρηνικός επιστήμων Δρ. Ραλφ Λαπ εδήλωσεν ότι η Κομμουνιστική Κίνα θα είναι εις θέσιν να κατασκευάση υδρογονοβόμβαν εντός μιας δεκαετίας.

ΟΥΑΣΙΓΚΤΩΝ, 29. (Ασσοσ. Πρες).— Ο Αμερικανός πυρηνικός επιστήμων Δρ. Ραλφ Λαπ εδήλωσεν ότι η Κομμουνιστική Κίνα θα είναι εις θέσιν να κατασκευάση υδρογονοβόμβαν εντός μιας δεκαετίας.

ΟΥΑΣΙΓΚΤΩΝ, 29. (Ασσοσ. Πρες).— Ο Αμερικανός πυρηνικός επιστήμων Δρ. Ραλφ Λαπ εδήλωσεν ότι η Κομμουνιστική Κίνα θα είναι εις θέσιν να κατασκευάση υδρογονοβόμβαν εντός μιας δεκαετίας.

ΟΥΑΣΙΓΚΤΩΝ, 29. (Ασσοσ. Πρες).— Ο Αμερικανός πυρηνικός επιστήμων Δρ. Ραλφ Λαπ εδήλωσεν ότι η Κομμουνιστική Κίνα θα είναι εις θέσιν να κατασκευάση υδρογονοβόμβαν εντός μιας δεκαετίας.

ΟΥΑΣΙΓΚΤΩΝ, 29. (Ασσοσ. Πρες).— Ο Αμερικανός πυρηνικός επιστήμων Δρ. Ραλφ Λαπ εδήλωσεν ότι η Κομμουνιστική Κίνα θα είναι εις θέσιν να κατασκευάση υδρογονοβόμβαν εντός μιας δεκαετίας.
